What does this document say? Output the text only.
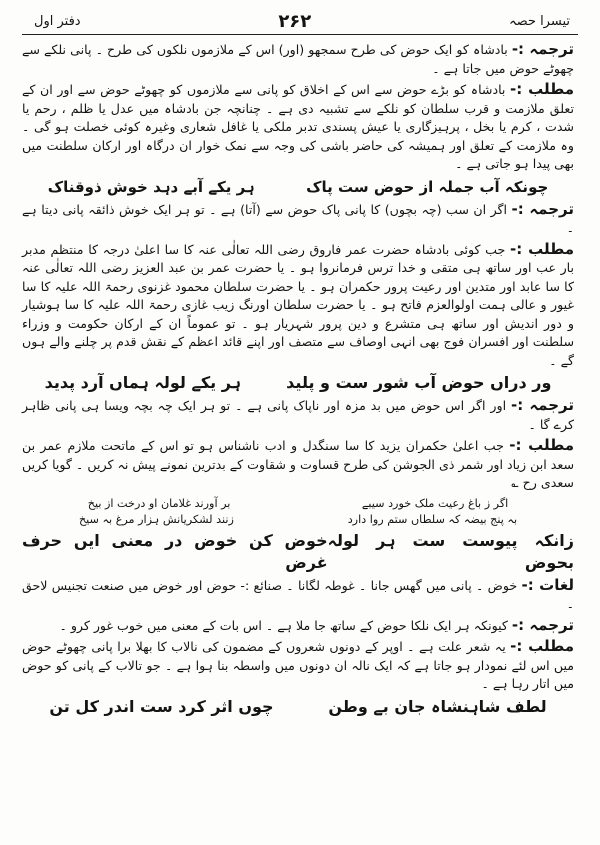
دفتر اول	۲۶۲	تیسرا حصہ

ترجمہ :- بادشاہ کو ایک حوض کی طرح سمجھو (اور) اس کے ملازموں نلکوں کی طرح ۔ پانی نلکے سے چھوٹے حوض میں جاتا ہے ۔

مطلب :- بادشاہ کو بڑے حوض سے اس کے اخلاق کو پانی سے ملازموں کو چھوٹے حوض سے اور ان کے تعلق ملازمت و قرب سلطان کو نلکے سے تشبیہ دی ہے ۔ چنانچہ جن بادشاہ میں عدل یا ظلم ، رحم یا شدت ، کرم یا بخل ، پرہیزگاری یا عیش پسندی تدبر ملکی یا غافل شعاری وغیرہ کوئی خصلت ہو گی ۔ وہ ملازمت کے تعلق اور ہمیشہ کی حاضر باشی کی وجہ سے نمک خوار ان درگاہ اور ارکان سلطنت میں بھی پیدا ہو جاتی ہے ۔

چونکہ آب جملہ از حوض ست پاک
ہر یکے آبے دہد خوش ذوقناک

ترجمہ :- اگر ان سب (چہ بچوں) کا پانی پاک حوض سے (آتا) ہے ۔ تو ہر ایک خوش ذائقہ پانی دیتا ہے ۔

مطلب :- جب کوئی بادشاہ حضرت عمر فاروق رضی اللہ تعالٰی عنہ کا سا اعلیٰ درجہ کا منتظم مدبر بار عب اور ساتھ ہی متقی و خدا ترس فرمانروا ہو ۔ یا حضرت عمر بن عبد العزیز رضی اللہ تعالٰی عنہ کا سا عابد اور متدین اور رعیت پرور حکمران ہو ۔ یا حضرت سلطان محمود غزنوی رحمۃ اللہ علیہ کا سا غیور و عالی ہمت اولوالعزم فاتح ہو ۔ یا حضرت سلطان اورنگ زیب غازی رحمۃ اللہ علیہ کا سا ہوشیار و دور اندیش اور ساتھ ہی متشرع و دین پرور شہریار ہو ۔ تو عموماً ان کے ارکان حکومت و وزراء سلطنت اور افسران فوج بھی انہی اوصاف سے متصف اور اپنے قائد اعظم کے نقش قدم پر چلنے والے ہوں گے ۔

ور دراں حوض آب شور ست و پلید
ہر یکے لولہ ہماں آرد پدید

ترجمہ :- اور اگر اس حوض میں بد مزہ اور ناپاک پانی ہے ۔ تو ہر ایک چہ بچہ ویسا ہی پانی ظاہر کرے گا ۔

مطلب :- جب اعلیٰ حکمران یزید کا سا سنگدل و ادب ناشناس ہو تو اس کے ماتحت ملازم عمر بن سعد ابن زیاد اور شمر ذی الجوشن کی طرح قساوت و شقاوت کے بدترین نمونے پیش نہ کریں ۔ گویا کریں سعدی رح ؎

اگر ز باغ رعیت ملک خورد سیبے
بر آورند غلامان او درخت از بیخ
بہ پنج بیضہ کہ سلطاں ستم روا دارد
زنند لشکریانش ہزار مرغ بہ سیخ
زانکہ پیوست ست ہر لولہ بحوض
خوض کن خوض در معنی ایں حرف غرض

لغات :- خوض ۔ پانی میں گھس جانا ۔ غوطہ لگانا ۔ صنائع :- حوض اور خوض میں صنعت تجنیس لاحق ۔

ترجمہ :- کیونکہ ہر ایک نلکا حوض کے ساتھ جا ملا ہے ۔ اس بات کے معنی میں خوب غور کرو ۔

مطلب :- یہ شعر علت ہے ۔ اوپر کے دونوں شعروں کے مضمون کی نالاب کا بھلا برا پانی چھوٹے حوض میں اس لئے نمودار ہو جاتا ہے کہ ایک نالہ ان دونوں میں واسطہ بنا ہوا ہے ۔ جو تالاب کے پانی کو حوض میں اتار رہا ہے ۔

لطف شاہنشاہ جان بے وطن
چوں اثر کرد ست اندر کل تن
